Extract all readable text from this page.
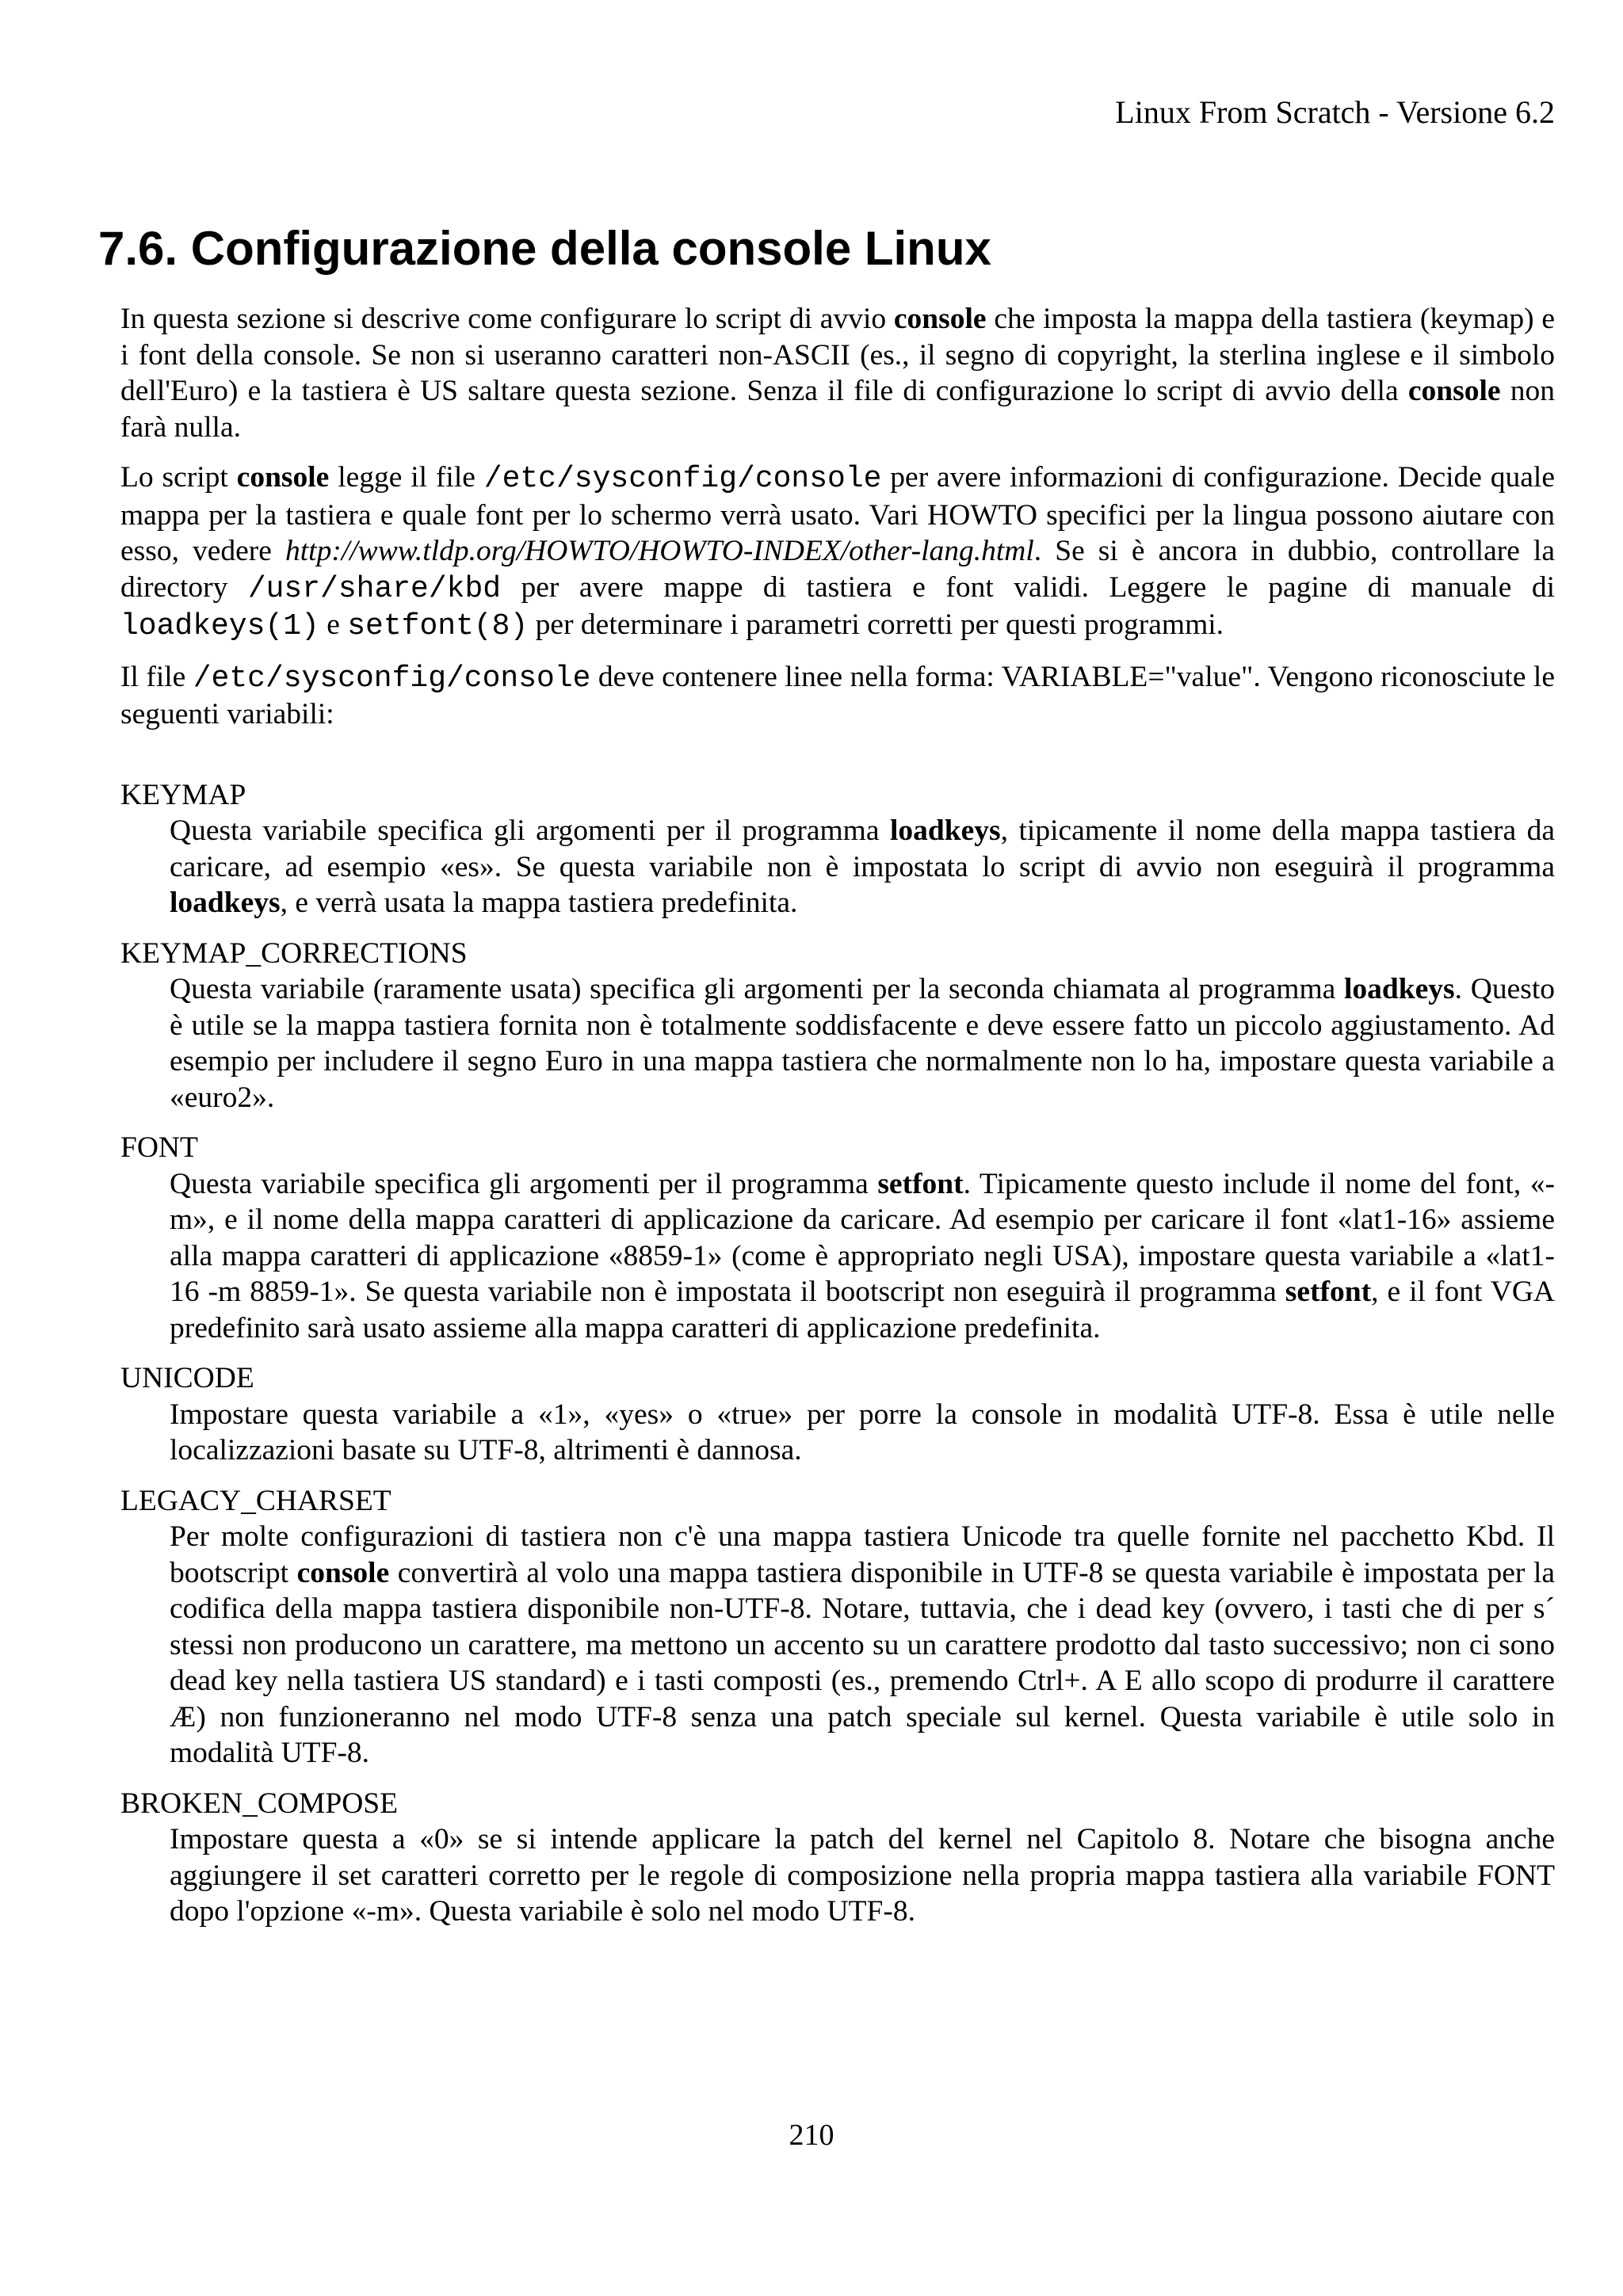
Linux From Scratch - Versione 6.2
7.6. Configurazione della console Linux

In questa sezione si descrive come configurare lo script di avvio console che imposta la mappa della tastiera (keymap) e i font della console. Se non si useranno caratteri non-ASCII (es., il segno di copyright, la sterlina inglese e il simbolo dell'Euro) e la tastiera è US saltare questa sezione. Senza il file di configurazione lo script di avvio della console non farà nulla.

Lo script console legge il file /etc/sysconfig/console per avere informazioni di configurazione. Decide quale mappa per la tastiera e quale font per lo schermo verrà usato. Vari HOWTO specifici per la lingua possono aiutare con esso, vedere http://www.tldp.org/HOWTO/HOWTO-INDEX/other-lang.html. Se si è ancora in dubbio, controllare la directory /usr/share/kbd per avere mappe di tastiera e font validi. Leggere le pagine di manuale di loadkeys(1) e setfont(8) per determinare i parametri corretti per questi programmi.

Il file /etc/sysconfig/console deve contenere linee nella forma: VARIABLE="value". Vengono riconosciute le seguenti variabili:

KEYMAP
Questa variabile specifica gli argomenti per il programma loadkeys, tipicamente il nome della mappa tastiera da caricare, ad esempio «es». Se questa variabile non è impostata lo script di avvio non eseguirà il programma loadkeys, e verrà usata la mappa tastiera predefinita.
KEYMAP_CORRECTIONS
Questa variabile (raramente usata) specifica gli argomenti per la seconda chiamata al programma loadkeys. Questo è utile se la mappa tastiera fornita non è totalmente soddisfacente e deve essere fatto un piccolo aggiustamento. Ad esempio per includere il segno Euro in una mappa tastiera che normalmente non lo ha, impostare questa variabile a «euro2».
FONT
Questa variabile specifica gli argomenti per il programma setfont. Tipicamente questo include il nome del font, «-m», e il nome della mappa caratteri di applicazione da caricare. Ad esempio per caricare il font «lat1-16» assieme alla mappa caratteri di applicazione «8859-1» (come è appropriato negli USA), impostare questa variabile a «lat1-16 -m 8859-1». Se questa variabile non è impostata il bootscript non eseguirà il programma setfont, e il font VGA predefinito sarà usato assieme alla mappa caratteri di applicazione predefinita.
UNICODE
Impostare questa variabile a «1», «yes» o «true» per porre la console in modalità UTF-8. Essa è utile nelle localizzazioni basate su UTF-8, altrimenti è dannosa.
LEGACY_CHARSET
Per molte configurazioni di tastiera non c'è una mappa tastiera Unicode tra quelle fornite nel pacchetto Kbd. Il bootscript console convertirà al volo una mappa tastiera disponibile in UTF-8 se questa variabile è impostata per la codifica della mappa tastiera disponibile non-UTF-8. Notare, tuttavia, che i dead key (ovvero, i tasti che di per s´ stessi non producono un carattere, ma mettono un accento su un carattere prodotto dal tasto successivo; non ci sono dead key nella tastiera US standard) e i tasti composti (es., premendo Ctrl+. A E allo scopo di produrre il carattere Æ) non funzioneranno nel modo UTF-8 senza una patch speciale sul kernel. Questa variabile è utile solo in modalità UTF-8.
BROKEN_COMPOSE
Impostare questa a «0» se si intende applicare la patch del kernel nel Capitolo 8. Notare che bisogna anche aggiungere il set caratteri corretto per le regole di composizione nella propria mappa tastiera alla variabile FONT dopo l'opzione «-m». Questa variabile è solo nel modo UTF-8.
210
